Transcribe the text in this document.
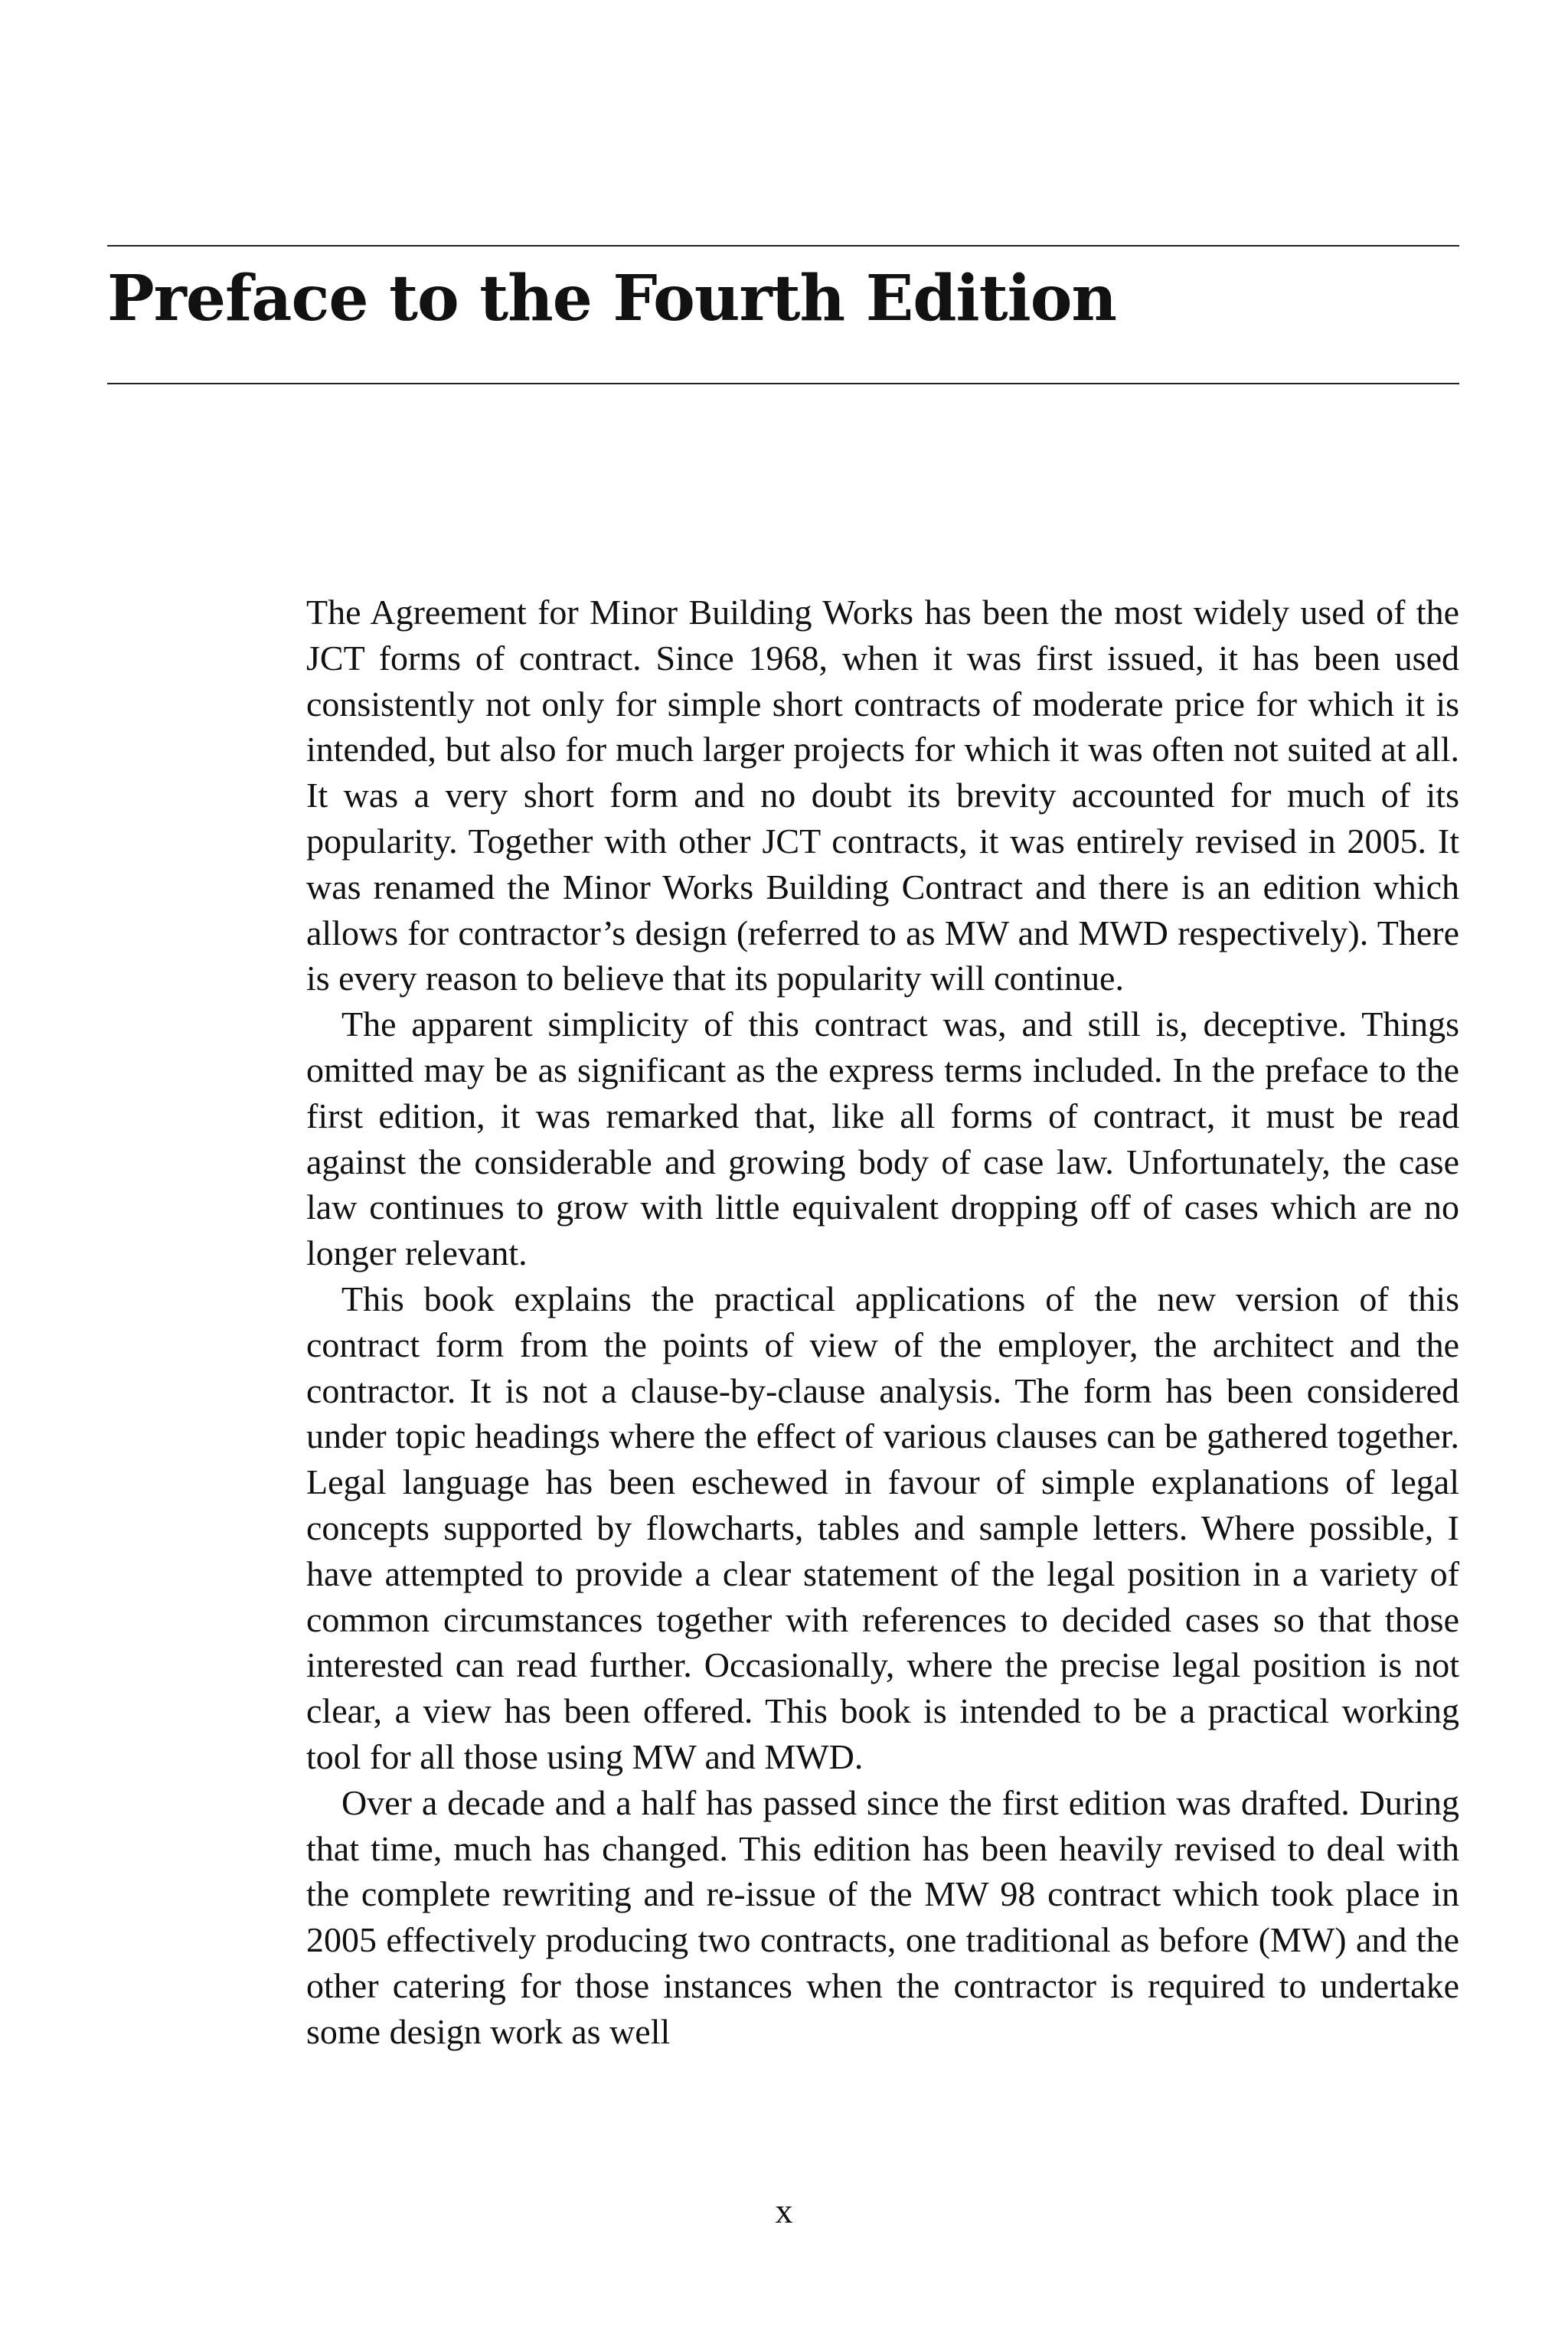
Preface to the Fourth Edition

The Agreement for Minor Building Works has been the most widely used of the JCT forms of contract. Since 1968, when it was first issued, it has been used consistently not only for simple short contracts of moderate price for which it is intended, but also for much larger projects for which it was often not suited at all. It was a very short form and no doubt its brevity accounted for much of its popularity. Together with other JCT contracts, it was entirely revised in 2005. It was renamed the Minor Works Building Contract and there is an edition which allows for contractor’s design (referred to as MW and MWD respectively). There is every reason to believe that its popularity will continue.

The apparent simplicity of this contract was, and still is, deceptive. Things omitted may be as significant as the express terms included. In the preface to the first edition, it was remarked that, like all forms of contract, it must be read against the considerable and growing body of case law. Unfortunately, the case law continues to grow with little equivalent dropping off of cases which are no longer relevant.

This book explains the practical applications of the new version of this contract form from the points of view of the employer, the architect and the contractor. It is not a clause-by-clause analysis. The form has been considered under topic headings where the effect of various clauses can be gathered together. Legal language has been eschewed in favour of simple explanations of legal concepts supported by flowcharts, tables and sample letters. Where possible, I have attempted to provide a clear statement of the legal position in a variety of common circumstances together with references to decided cases so that those interested can read further. Occasionally, where the precise legal position is not clear, a view has been offered. This book is intended to be a practical working tool for all those using MW and MWD.

Over a decade and a half has passed since the first edition was drafted. During that time, much has changed. This edition has been heavily revised to deal with the complete rewriting and re-issue of the MW 98 contract which took place in 2005 effectively producing two contracts, one traditional as before (MW) and the other catering for those instances when the contractor is required to undertake some design work as well

x
